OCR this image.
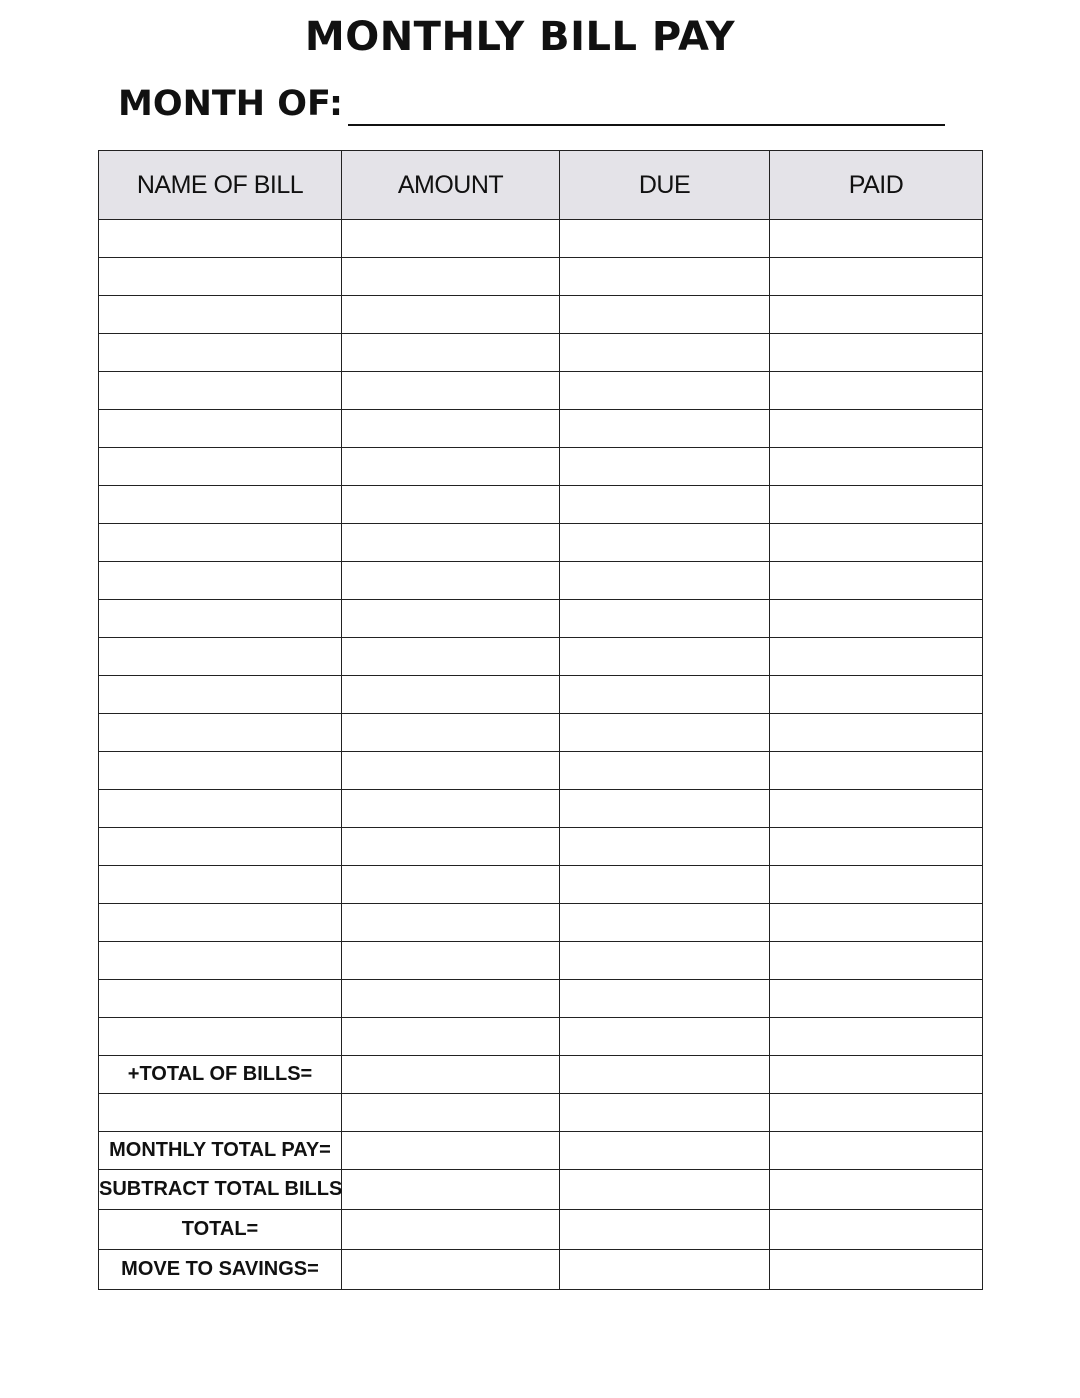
MONTHLY BILL PAY
MONTH OF:
NAME OF BILL	AMOUNT	DUE	PAID

+TOTAL OF BILLS=			

MONTHLY TOTAL PAY=			
SUBTRACT TOTAL BILLS			
TOTAL=			
MOVE TO SAVINGS=			
